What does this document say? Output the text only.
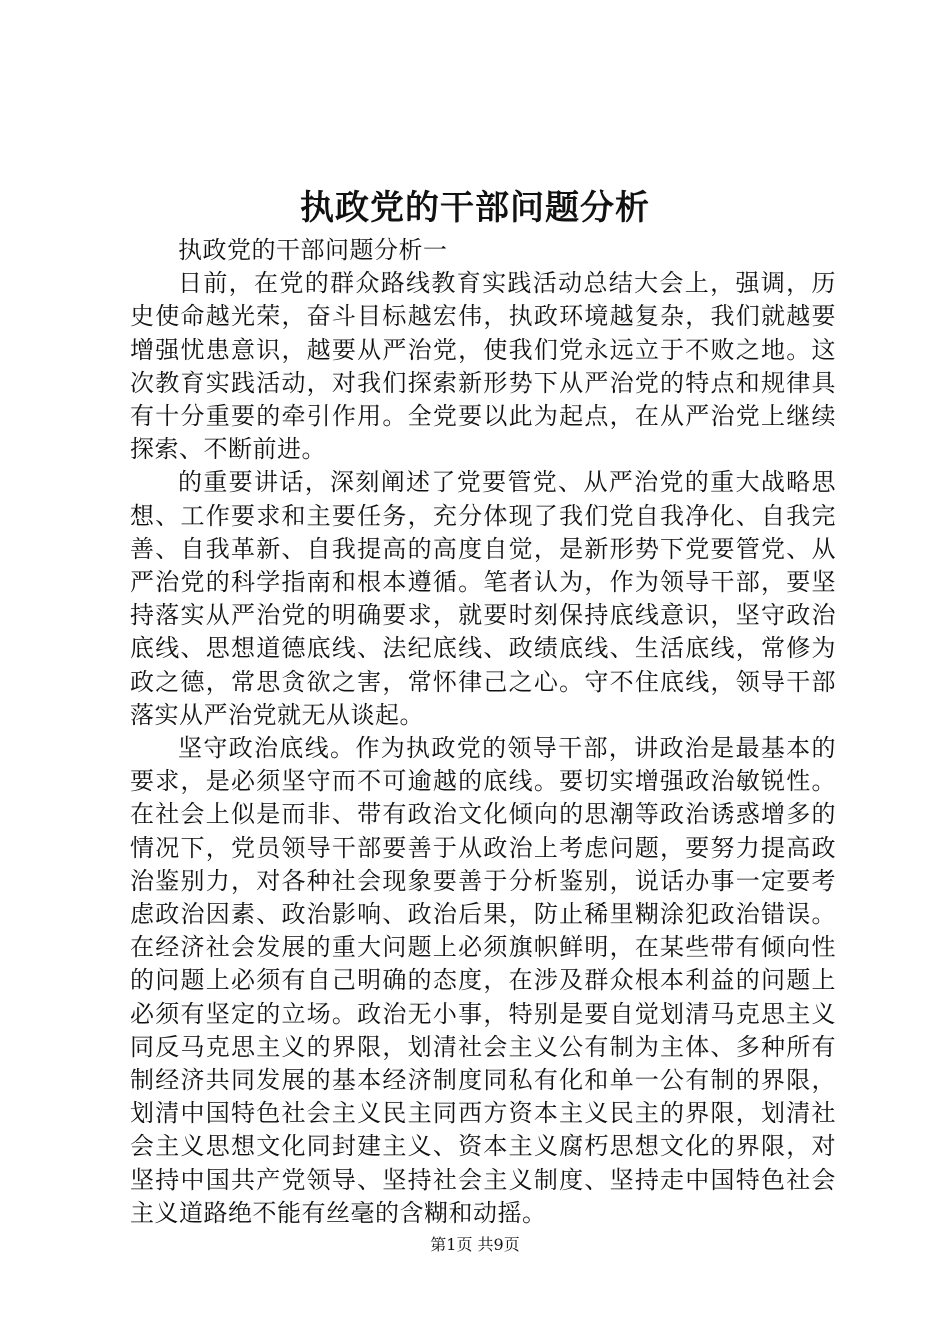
执政党的干部问题分析

执政党的干部问题分析一

日前，在党的群众路线教育实践活动总结大会上，强调，历史使命越光荣，奋斗目标越宏伟，执政环境越复杂，我们就越要增强忧患意识，越要从严治党，使我们党永远立于不败之地。这次教育实践活动，对我们探索新形势下从严治党的特点和规律具有十分重要的牵引作用。全党要以此为起点，在从严治党上继续探索、不断前进。

的重要讲话，深刻阐述了党要管党、从严治党的重大战略思想、工作要求和主要任务，充分体现了我们党自我净化、自我完善、自我革新、自我提高的高度自觉，是新形势下党要管党、从严治党的科学指南和根本遵循。笔者认为，作为领导干部，要坚持落实从严治党的明确要求，就要时刻保持底线意识，坚守政治底线、思想道德底线、法纪底线、政绩底线、生活底线，常修为政之德，常思贪欲之害，常怀律己之心。守不住底线，领导干部落实从严治党就无从谈起。

坚守政治底线。作为执政党的领导干部，讲政治是最基本的要求，是必须坚守而不可逾越的底线。要切实增强政治敏锐性。在社会上似是而非、带有政治文化倾向的思潮等政治诱惑增多的情况下，党员领导干部要善于从政治上考虑问题，要努力提高政治鉴别力，对各种社会现象要善于分析鉴别，说话办事一定要考虑政治因素、政治影响、政治后果，防止稀里糊涂犯政治错误。在经济社会发展的重大问题上必须旗帜鲜明，在某些带有倾向性的问题上必须有自己明确的态度，在涉及群众根本利益的问题上必须有坚定的立场。政治无小事，特别是要自觉划清马克思主义同反马克思主义的界限，划清社会主义公有制为主体、多种所有制经济共同发展的基本经济制度同私有化和单一公有制的界限，划清中国特色社会主义民主同西方资本主义民主的界限，划清社会主义思想文化同封建主义、资本主义腐朽思想文化的界限，对坚持中国共产党领导、坚持社会主义制度、坚持走中国特色社会主义道路绝不能有丝毫的含糊和动摇。

第1页 共9页
